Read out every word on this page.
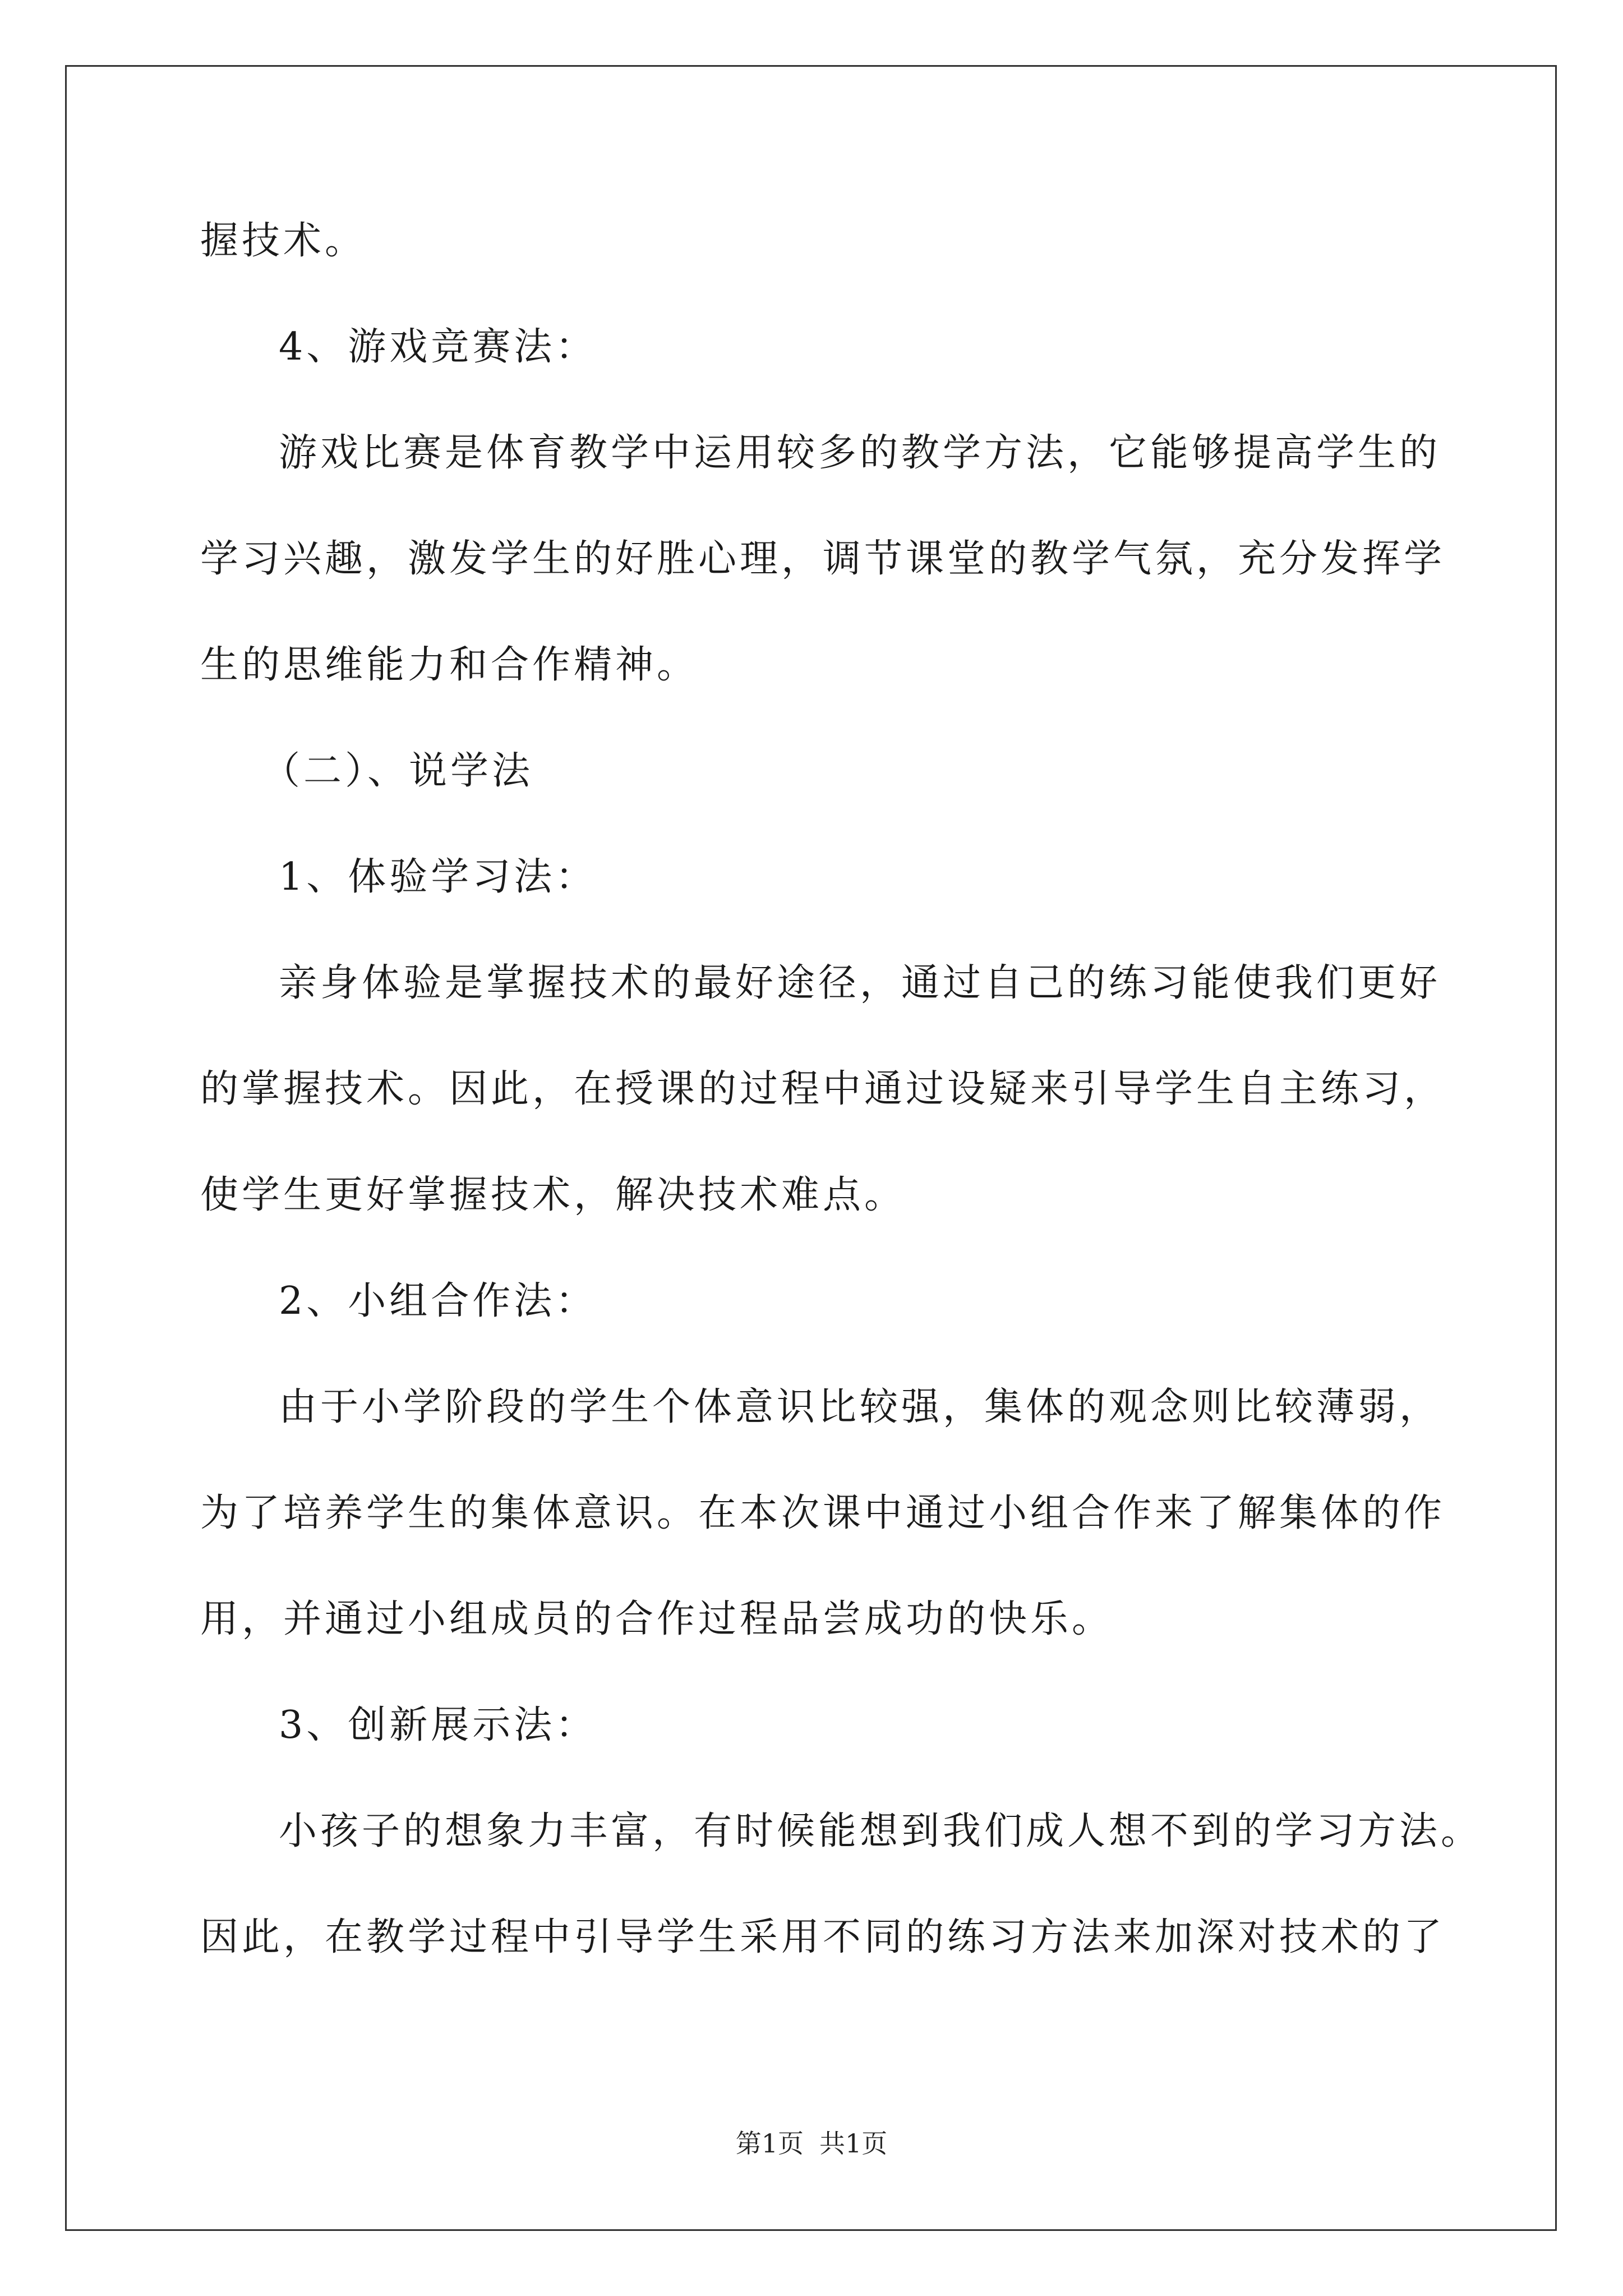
握技术。
4、游戏竞赛法：
游戏比赛是体育教学中运用较多的教学方法，它能够提高学生的
学习兴趣，激发学生的好胜心理，调节课堂的教学气氛，充分发挥学
生的思维能力和合作精神。
（二）、说学法
1、体验学习法：
亲身体验是掌握技术的最好途径，通过自己的练习能使我们更好
的掌握技术。因此，在授课的过程中通过设疑来引导学生自主练习，
使学生更好掌握技术，解决技术难点。
2、小组合作法：
由于小学阶段的学生个体意识比较强，集体的观念则比较薄弱，
为了培养学生的集体意识。在本次课中通过小组合作来了解集体的作
用，并通过小组成员的合作过程品尝成功的快乐。
3、创新展示法：
小孩子的想象力丰富，有时候能想到我们成人想不到的学习方法。
因此，在教学过程中引导学生采用不同的练习方法来加深对技术的了
第1页 共1页
